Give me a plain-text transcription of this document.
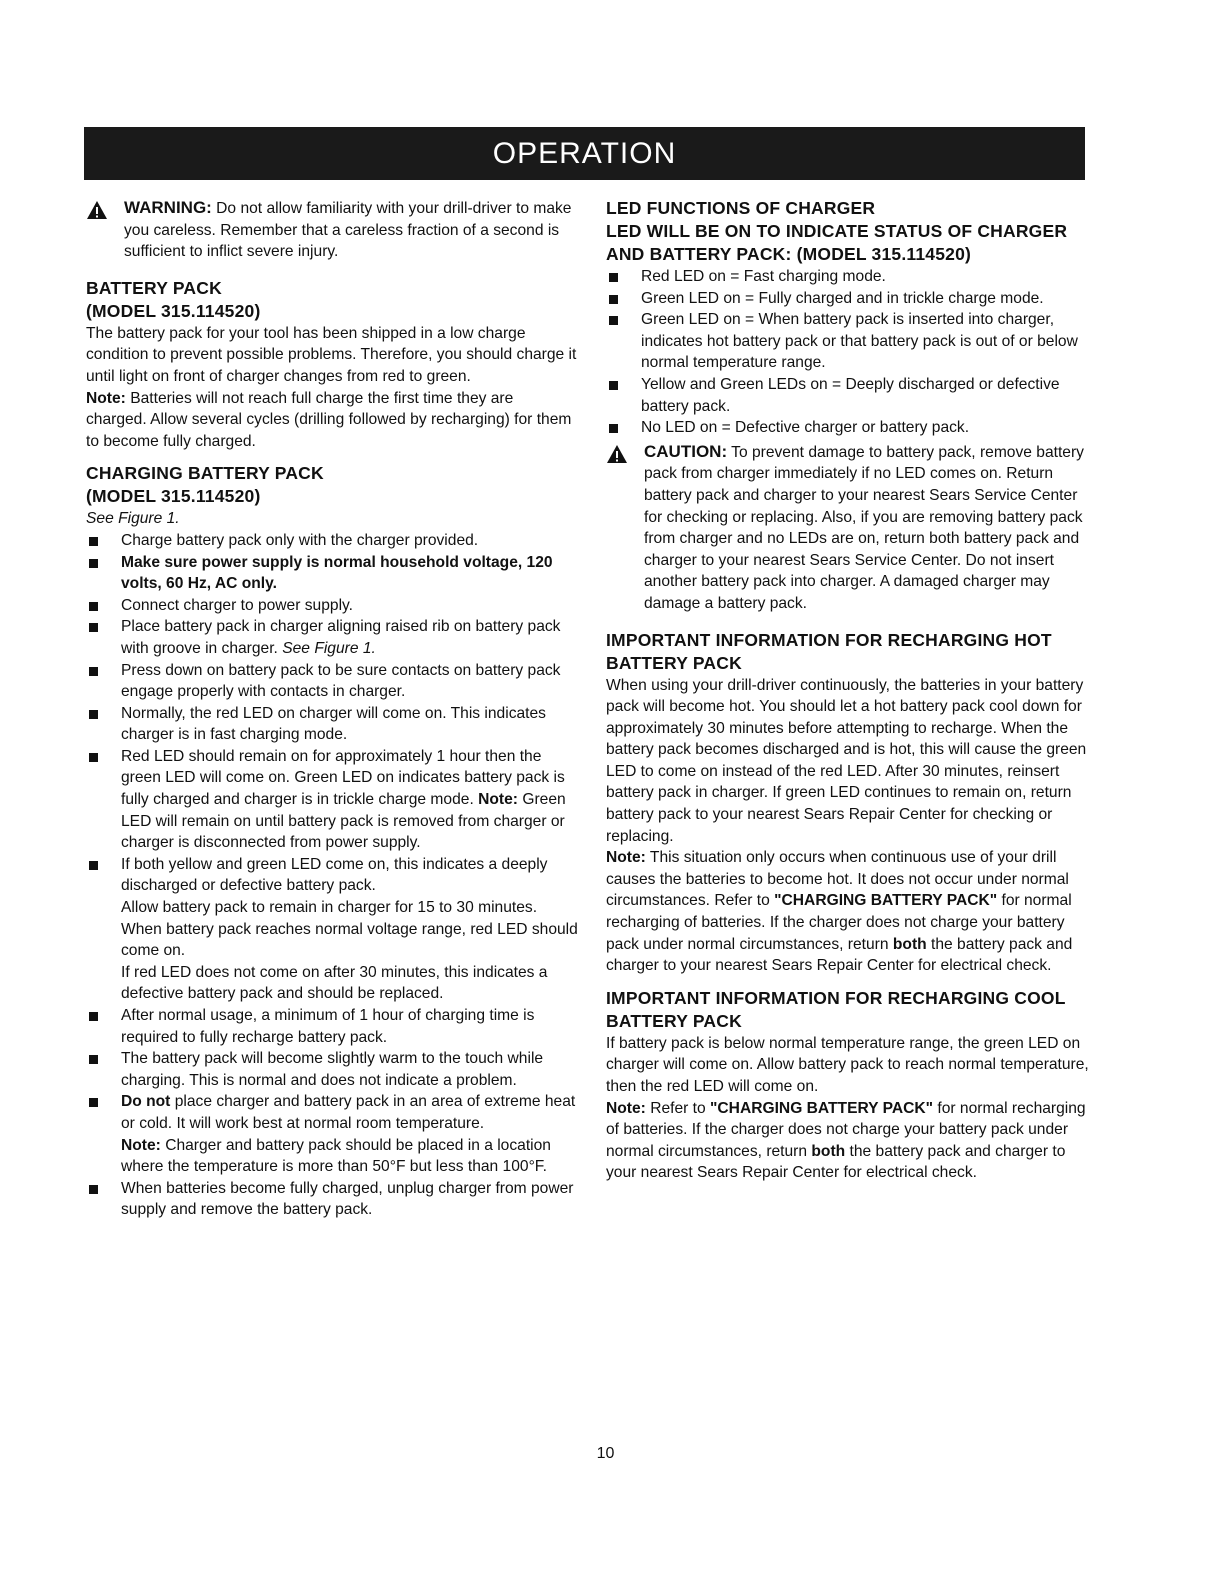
OPERATION
WARNING: Do not allow familiarity with your drill-driver to make you careless. Remember that a careless fraction of a second is sufficient to inflict severe injury.
BATTERY PACK
(MODEL 315.114520)

The battery pack for your tool has been shipped in a low charge condition to prevent possible problems. Therefore, you should charge it until light on front of charger changes from red to green.

Note: Batteries will not reach full charge the first time they are charged. Allow several cycles (drilling followed by recharging) for them to become fully charged.

CHARGING BATTERY PACK
(MODEL 315.114520)

See Figure 1.

Charge battery pack only with the charger provided.
Make sure power supply is normal household voltage, 120 volts, 60 Hz, AC only.
Connect charger to power supply.
Place battery pack in charger aligning raised rib on battery pack with groove in charger. See Figure 1.
Press down on battery pack to be sure contacts on battery pack engage properly with contacts in charger.
Normally, the red LED on charger will come on. This indicates charger is in fast charging mode.
Red LED should remain on for approximately 1 hour then the green LED will come on. Green LED on indicates battery pack is fully charged and charger is in trickle charge mode. Note: Green LED will remain on until battery pack is removed from charger or charger is disconnected from power supply.
If both yellow and green LED come on, this indicates a deeply discharged or defective battery pack.

Allow battery pack to remain in charger for 15 to 30 minutes. When battery pack reaches normal voltage range, red LED should come on.

If red LED does not come on after 30 minutes, this indicates a defective battery pack and should be replaced.

After normal usage, a minimum of 1 hour of charging time is required to fully recharge battery pack.
The battery pack will become slightly warm to the touch while charging. This is normal and does not indicate a problem.
Do not place charger and battery pack in an area of extreme heat or cold. It will work best at normal room temperature.

Note: Charger and battery pack should be placed in a location where the temperature is more than 50°F but less than 100°F.

When batteries become fully charged, unplug charger from power supply and remove the battery pack.
LED FUNCTIONS OF CHARGER
LED WILL BE ON TO INDICATE STATUS OF CHARGER AND BATTERY PACK: (MODEL 315.114520)
Red LED on = Fast charging mode.
Green LED on = Fully charged and in trickle charge mode.
Green LED on = When battery pack is inserted into charger, indicates hot battery pack or that battery pack is out of or below normal temperature range.
Yellow and Green LEDs on = Deeply discharged or defective battery pack.
No LED on = Defective charger or battery pack.
CAUTION: To prevent damage to battery pack, remove battery pack from charger immediately if no LED comes on. Return battery pack and charger to your nearest Sears Service Center for checking or replacing. Also, if you are removing battery pack from charger and no LEDs are on, return both battery pack and charger to your nearest Sears Service Center. Do not insert another battery pack into charger. A damaged charger may damage a battery pack.
IMPORTANT INFORMATION FOR RECHARGING HOT BATTERY PACK

When using your drill-driver continuously, the batteries in your battery pack will become hot. You should let a hot battery pack cool down for approximately 30 minutes before attempting to recharge. When the battery pack becomes discharged and is hot, this will cause the green LED to come on instead of the red LED. After 30 minutes, reinsert battery pack in charger. If green LED continues to remain on, return battery pack to your nearest Sears Repair Center for checking or replacing.

Note: This situation only occurs when continuous use of your drill causes the batteries to become hot. It does not occur under normal circumstances. Refer to "CHARGING BATTERY PACK" for normal recharging of batteries. If the charger does not charge your battery pack under normal circumstances, return both the battery pack and charger to your nearest Sears Repair Center for electrical check.

IMPORTANT INFORMATION FOR RECHARGING COOL BATTERY PACK

If battery pack is below normal temperature range, the green LED on charger will come on. Allow battery pack to reach normal temperature, then the red LED will come on.

Note: Refer to "CHARGING BATTERY PACK" for normal recharging of batteries. If the charger does not charge your battery pack under normal circumstances, return both the battery pack and charger to your nearest Sears Repair Center for electrical check.

10
